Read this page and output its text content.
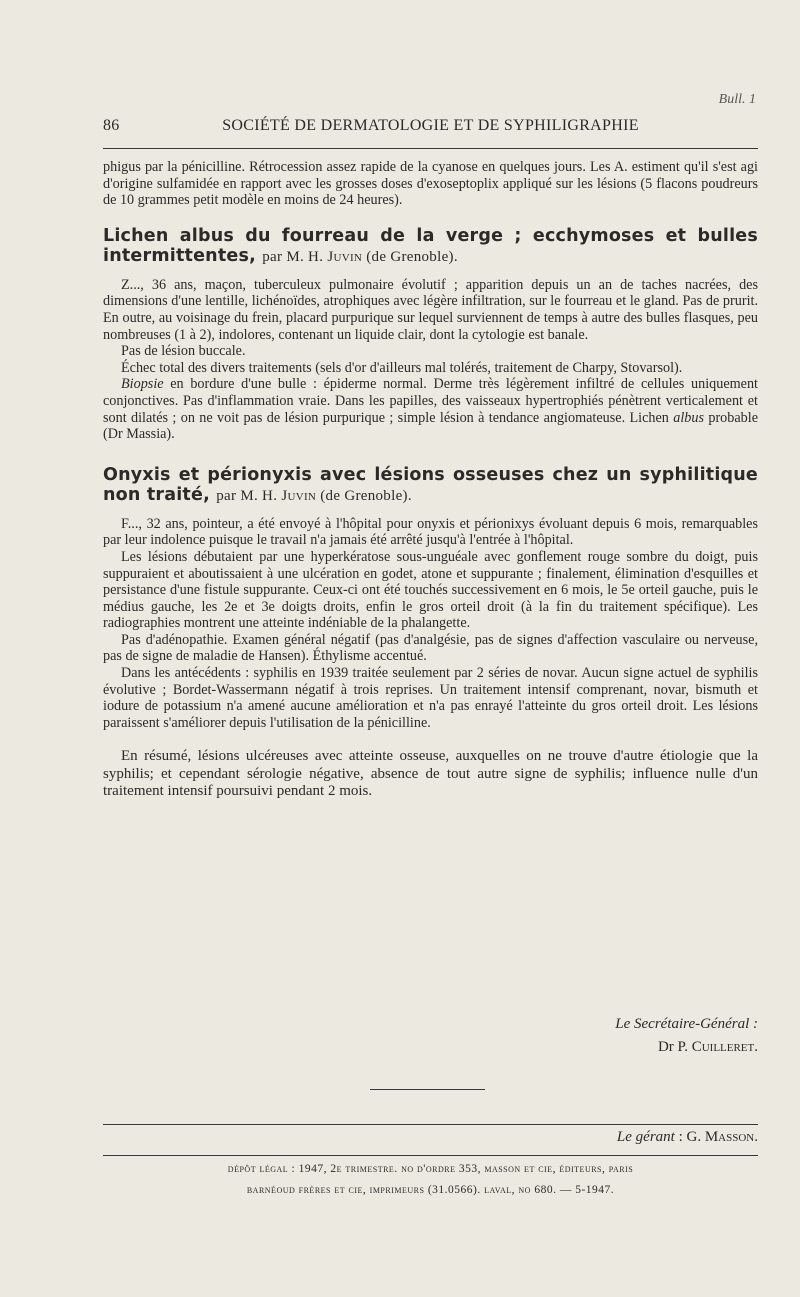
Bull. 1
86	SOCIÉTÉ DE DERMATOLOGIE ET DE SYPHILIGRAPHIE

phigus par la pénicilline. Rétrocession assez rapide de la cyanose en quelques jours. Les A. estiment qu'il s'est agi d'origine sulfamidée en rapport avec les grosses doses d'exoseptoplix appliqué sur les lésions (5 flacons poudreurs de 10 grammes petit modèle en moins de 24 heures).

Lichen albus du fourreau de la verge ; ecchymoses et bulles intermittentes, par M. H. Juvin (de Grenoble).

Z..., 36 ans, maçon, tuberculeux pulmonaire évolutif ; apparition depuis un an de taches nacrées, des dimensions d'une lentille, lichénoïdes, atrophiques avec légère infiltration, sur le fourreau et le gland. Pas de prurit. En outre, au voisinage du frein, placard purpurique sur lequel surviennent de temps à autre des bulles flasques, peu nombreuses (1 à 2), indolores, contenant un liquide clair, dont la cytologie est banale.

Pas de lésion buccale.

Échec total des divers traitements (sels d'or d'ailleurs mal tolérés, traitement de Charpy, Stovarsol).

Biopsie en bordure d'une bulle : épiderme normal. Derme très légèrement infiltré de cellules uniquement conjonctives. Pas d'inflammation vraie. Dans les papilles, des vaisseaux hypertrophiés pénètrent verticalement et sont dilatés ; on ne voit pas de lésion purpurique ; simple lésion à tendance angiomateuse. Lichen albus probable (Dr Massia).

Onyxis et périonyxis avec lésions osseuses chez un syphilitique non traité, par M. H. Juvin (de Grenoble).

F..., 32 ans, pointeur, a été envoyé à l'hôpital pour onyxis et périonixys évoluant depuis 6 mois, remarquables par leur indolence puisque le travail n'a jamais été arrêté jusqu'à l'entrée à l'hôpital.

Les lésions débutaient par une hyperkératose sous-unguéale avec gonflement rouge sombre du doigt, puis suppuraient et aboutissaient à une ulcération en godet, atone et suppurante ; finalement, élimination d'esquilles et persistance d'une fistule suppurante. Ceux-ci ont été touchés successivement en 6 mois, le 5e orteil gauche, puis le médius gauche, les 2e et 3e doigts droits, enfin le gros orteil droit (à la fin du traitement spécifique). Les radiographies montrent une atteinte indéniable de la phalangette.

Pas d'adénopathie. Examen général négatif (pas d'analgésie, pas de signes d'affection vasculaire ou nerveuse, pas de signe de maladie de Hansen). Éthylisme accentué.

Dans les antécédents : syphilis en 1939 traitée seulement par 2 séries de novar. Aucun signe actuel de syphilis évolutive ; Bordet-Wassermann négatif à trois reprises. Un traitement intensif comprenant, novar, bismuth et iodure de potassium n'a amené aucune amélioration et n'a pas enrayé l'atteinte du gros orteil droit. Les lésions paraissent s'améliorer depuis l'utilisation de la pénicilline.

En résumé, lésions ulcéreuses avec atteinte osseuse, auxquelles on ne trouve d'autre étiologie que la syphilis; et cependant sérologie négative, absence de tout autre signe de syphilis; influence nulle d'un traitement intensif poursuivi pendant 2 mois.

Le Secrétaire-Général :
Dr P. Cuilleret.
Le gérant : G. Masson.
dépôt légal : 1947, 2e trimestre. no d'ordre 353, masson et cie, éditeurs, paris
barnéoud frères et cie, imprimeurs (31.0566). laval, no 680. — 5-1947.
